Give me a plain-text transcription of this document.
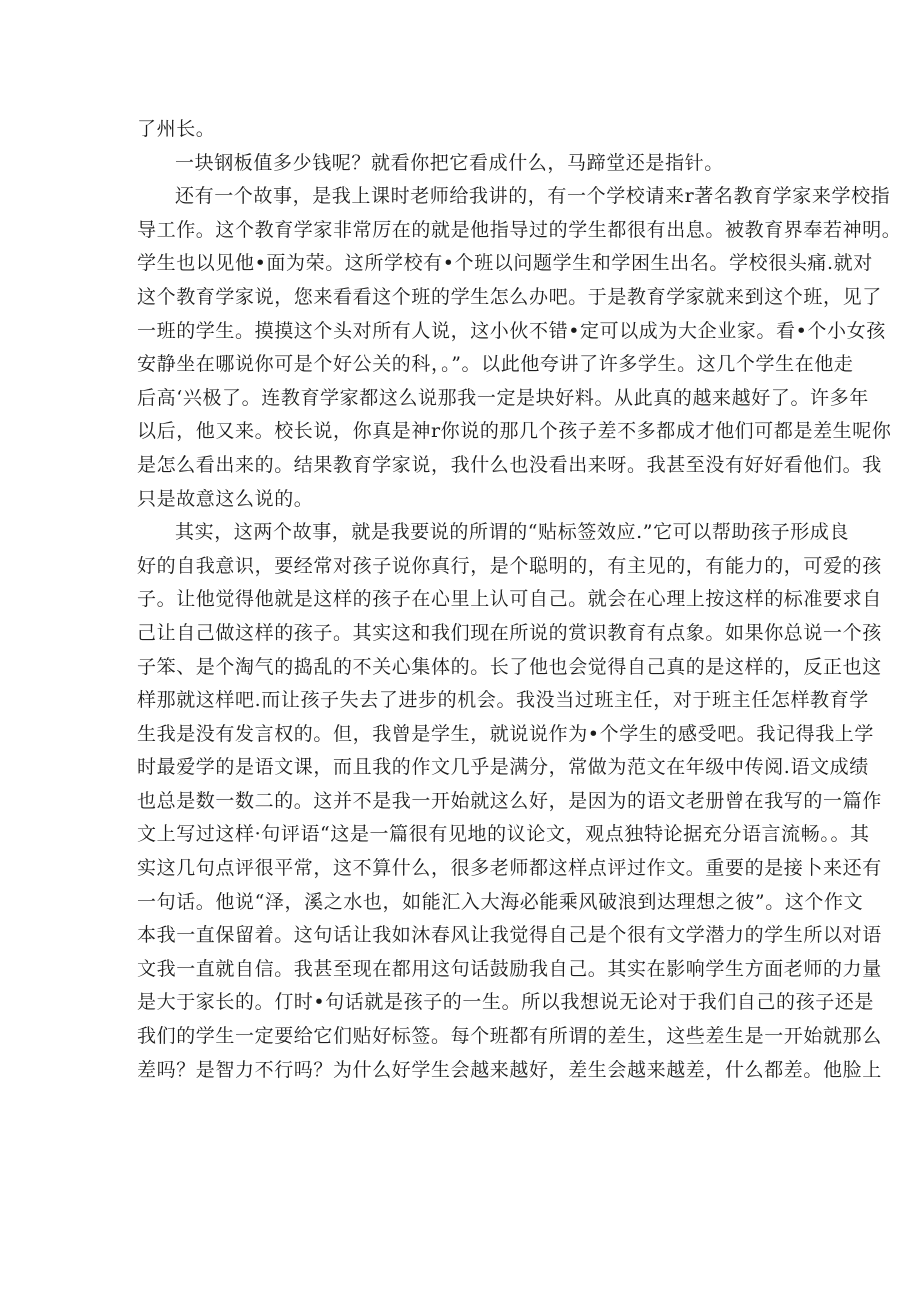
了州长。
一块钢板值多少钱呢？就看你把它看成什么，马蹄堂还是指针。
还有一个故事，是我上课时老师给我讲的，有一个学校请来r著名教育学家来学校指
导工作。这个教育学家非常厉在的就是他指导过的学生都很有出息。被教育界奉若神明。
学生也以见他•面为荣。这所学校有•个班以问题学生和学困生出名。学校很头痛.就对
这个教育学家说，您来看看这个班的学生怎么办吧。于是教育学家就来到这个班，见了
一班的学生。摸摸这个头对所有人说，这小伙不错•定可以成为大企业家。看•个小女孩
安静坐在哪说你可是个好公关的科，。”。以此他夸讲了许多学生。这几个学生在他走
后高‘兴极了。连教育学家都这么说那我一定是块好料。从此真的越来越好了。许多年
以后，他又来。校长说，你真是神r你说的那几个孩子差不多都成才他们可都是差生呢你
是怎么看出来的。结果教育学家说，我什么也没看出来呀。我甚至没有好好看他们。我
只是故意这么说的。
其实，这两个故事，就是我要说的所谓的“贴标签效应.”它可以帮助孩子形成良
好的自我意识，要经常对孩子说你真行，是个聪明的，有主见的，有能力的，可爱的孩
子。让他觉得他就是这样的孩子在心里上认可自己。就会在心理上按这样的标准要求自
己让自己做这样的孩子。其实这和我们现在所说的赏识教育有点象。如果你总说一个孩
子笨、是个淘气的捣乱的不关心集体的。长了他也会觉得自己真的是这样的，反正也这
样那就这样吧.而让孩子失去了进步的机会。我没当过班主任，对于班主任怎样教育学
生我是没有发言权的。但，我曾是学生，就说说作为•个学生的感受吧。我记得我上学
时最爱学的是语文课，而且我的作文几乎是满分，常做为范文在年级中传阅.语文成绩
也总是数一数二的。这并不是我一开始就这么好，是因为的语文老册曾在我写的一篇作
文上写过这样·句评语“这是一篇很有见地的议论文，观点独特论据充分语言流畅。。其
实这几句点评很平常，这不算什么，很多老师都这样点评过作文。重要的是接卜来还有
一句话。他说“泽，溪之水也，如能汇入大海必能乘风破浪到达理想之彼”。这个作文
本我一直保留着。这句话让我如沐春风让我觉得自己是个很有文学潜力的学生所以对语
文我一直就自信。我甚至现在都用这句话鼓励我自己。其实在影响学生方面老师的力量
是大于家长的。仃时•句话就是孩子的一生。所以我想说无论对于我们自己的孩子还是
我们的学生一定要给它们贴好标签。每个班都有所谓的差生，这些差生是一开始就那么
差吗？是智力不行吗？为什么好学生会越来越好，差生会越来越差，什么都差。他脸上
